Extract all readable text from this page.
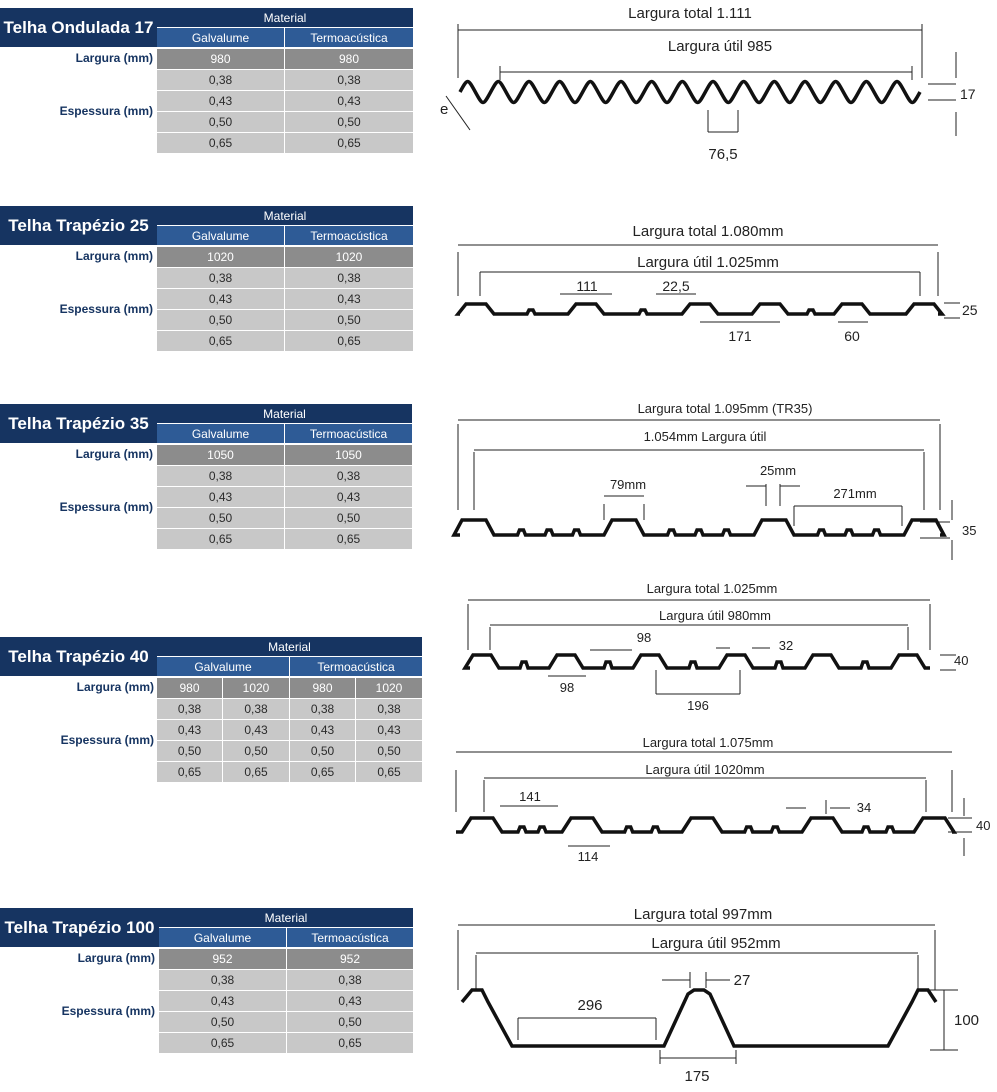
Telha Ondulada 17	Material
Galvalume	Termoacústica
Largura (mm)	980	980
Espessura (mm)
0,38	0,38
0,43	0,43
0,50	0,50
0,65	0,65
Largura total 1.111
Largura útil 985
17
76,5
e
Largura total 1.080mm
Largura útil 1.025mm
25
111	22,5
171	60
Largura total 1.095mm (TR35)
1.054mm Largura útil
35
79mm
25mm
271mm
Largura total 1.025mm
Largura útil 980mm
40
98
98
32
196
Largura total 1.075mm
Largura útil 1020mm
40
141
114
34
Largura total 997mm
Largura útil 952mm
100
296
27
175
Telha Trapézio 25	Material
Galvalume	Termoacústica
Largura (mm)	1020	1020
Espessura (mm)
0,38	0,38
0,43	0,43
0,50	0,50
0,65	0,65
Telha Trapézio 35	Material
Galvalume	Termoacústica
Largura (mm)	1050	1050
Espessura (mm)
0,38	0,38
0,43	0,43
0,50	0,50
0,65	0,65
Telha Trapézio 40	Material
Galvalume	Termoacústica
Largura (mm)	980	1020	980	1020
Espessura (mm)
0,38	0,38	0,38	0,38
0,43	0,43	0,43	0,43
0,50	0,50	0,50	0,50
0,65	0,65	0,65	0,65
Telha Trapézio 100	Material
Galvalume	Termoacústica
Largura (mm)	952	952
Espessura (mm)
0,38	0,38
0,43	0,43
0,50	0,50
0,65	0,65
